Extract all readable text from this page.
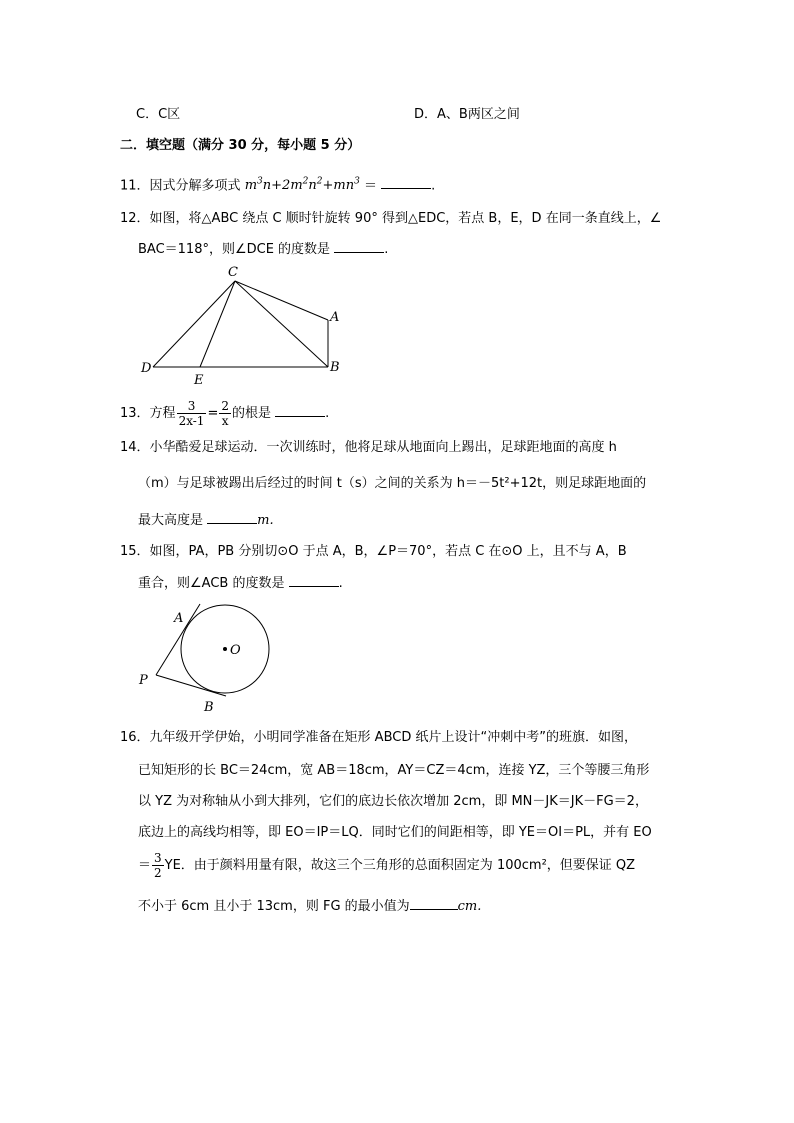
C．C区	D．A、B两区之间
二．填空题（满分 30 分，每小题 5 分）
11．因式分解多项式 $m^3n+2m^2n^2+mn^3$ ＝	.
12．如图，将△ABC 绕点 C 顺时针旋转 90° 得到△EDC，若点 B，E，D 在同一条直线上，∠
BAC＝118°，则∠DCE 的度数是	.
C
A
B
D
E
13．方程 $\frac{3}{2x-1} = \frac{2}{x}$ 的根是	.
14．小华酷爱足球运动．一次训练时，他将足球从地面向上踢出，足球距地面的高度 h
（m）与足球被踢出后经过的时间 t（s）之间的关系为 h＝－5t²+12t，则足球距地面的
最大高度是	m.
15．如图，PA，PB 分别切⊙O 于点 A，B，∠P＝70°，若点 C 在⊙O 上，且不与 A，B
重合，则∠ACB 的度数是	.
A
P
B
O
16．九年级开学伊始，小明同学准备在矩形 ABCD 纸片上设计“冲刺中考”的班旗．如图，
已知矩形的长 BC＝24cm，宽 AB＝18cm，AY＝CZ＝4cm，连接 YZ，三个等腰三角形
以 YZ 为对称轴从小到大排列，它们的底边长依次增加 2cm，即 MN－JK＝JK－FG＝2，
底边上的高线均相等，即 EO＝IP＝LQ．同时它们的间距相等，即 YE＝OI＝PL，并有 EO
＝ $\frac{3}{2}$ YE．由于颜料用量有限，故这三个三角形的总面积固定为 100cm²，但要保证 QZ
不小于 6cm 且小于 13cm，则 FG 的最小值为	cm.
